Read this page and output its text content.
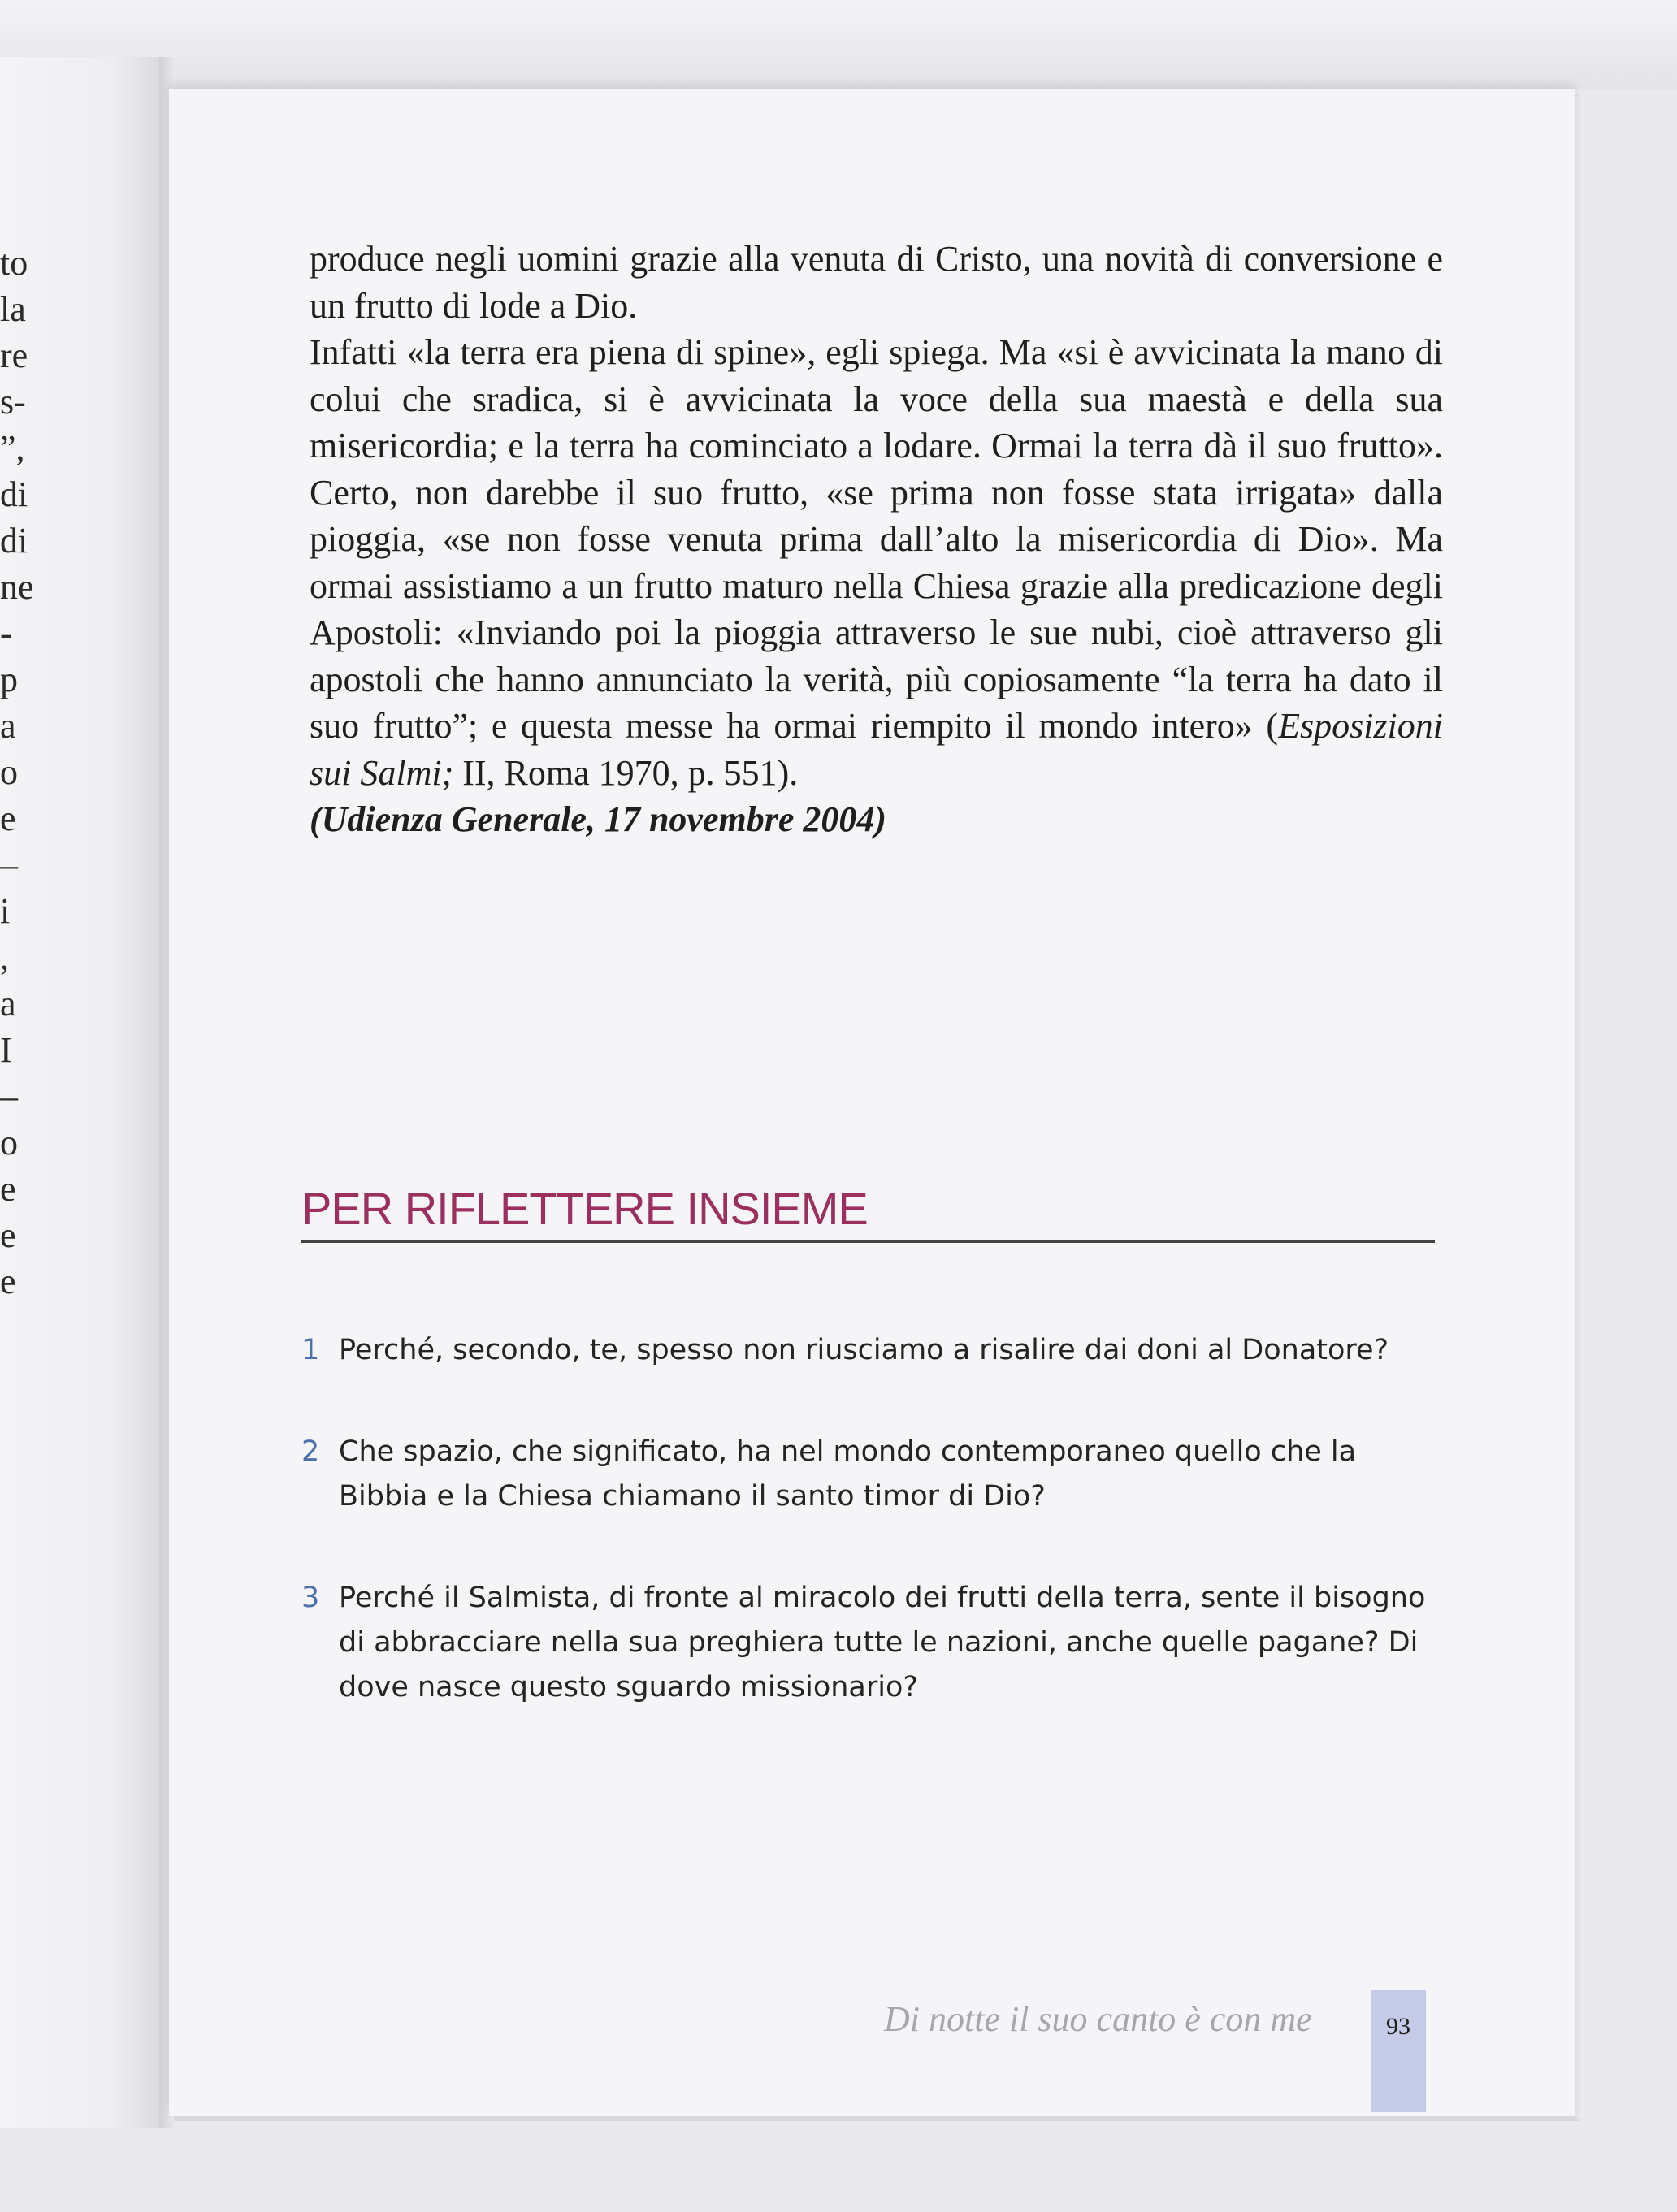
to
la
re
s-
”,
di
di
ne
-
p
a
o
e
–
i
,
a
I
–
o
e
e
e

produce negli uomini grazie alla venuta di Cristo, una novità di conversione e un frutto di lode a Dio.

Infatti «la terra era piena di spine», egli spiega. Ma «si è avvicinata la mano di colui che sradica, si è avvicinata la voce della sua maestà e della sua misericordia; e la terra ha cominciato a lodare. Ormai la terra dà il suo frutto». Certo, non darebbe il suo frutto, «se prima non fosse stata irrigata» dalla pioggia, «se non fosse venuta prima dall’alto la misericordia di Dio». Ma ormai assistiamo a un frutto maturo nella Chiesa grazie alla predicazione degli Apostoli: «Inviando poi la pioggia attraverso le sue nubi, cioè attraverso gli apostoli che hanno annunciato la verità, più copiosamente “la terra ha dato il suo frutto”; e questa messe ha ormai riempito il mondo intero» (Esposizioni sui Salmi; II, Roma 1970, p. 551).

(Udienza Generale, 17 novembre 2004)

PER RIFLETTERE INSIEME
1 Perché, secondo, te, spesso non riusciamo a risalire dai doni al Donatore?
2 Che spazio, che significato, ha nel mondo contemporaneo quello che la Bibbia e la Chiesa chiamano il santo timor di Dio?
3 Perché il Salmista, di fronte al miracolo dei frutti della terra, sente il bisogno di abbracciare nella sua preghiera tutte le nazioni, anche quelle pagane? Di dove nasce questo sguardo missionario?
Di notte il suo canto è con me	93
